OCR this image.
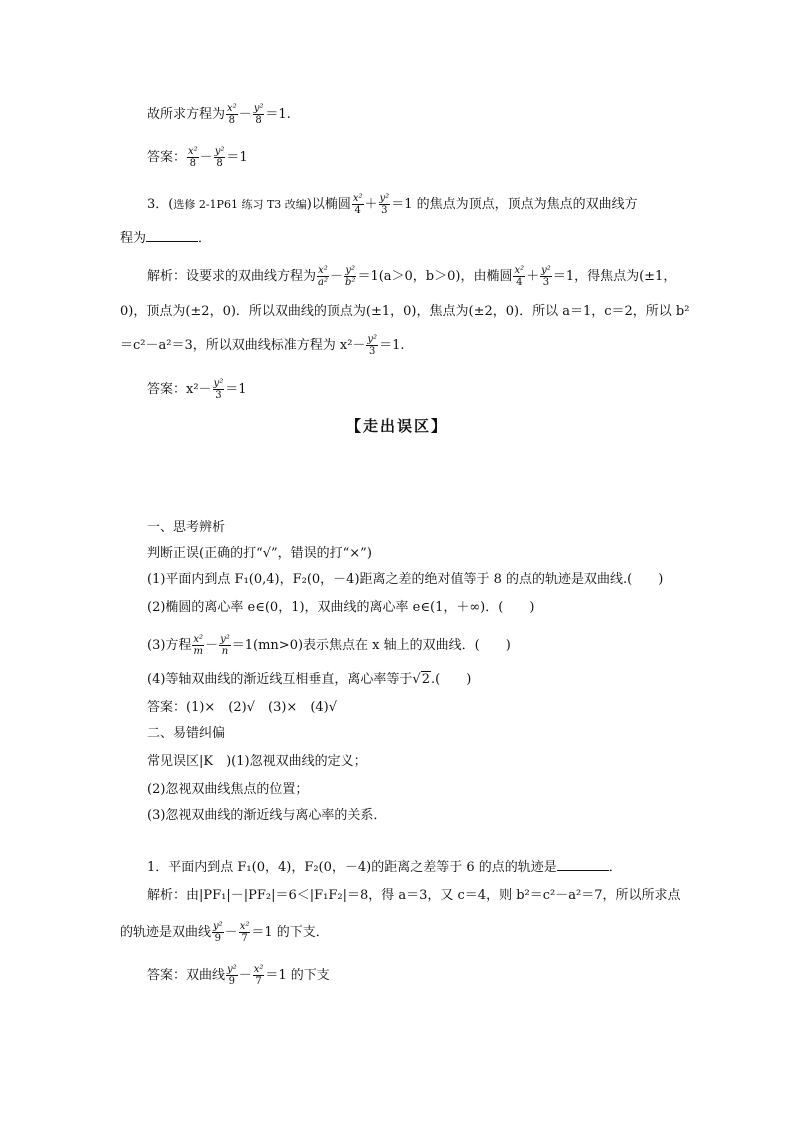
故所求方程为 $\frac{\text{x²}}{8} - \frac{\text{y²}}{8} =1$.
答案： $\frac{\text{x²}}{8} - \frac{\text{y²}}{8} =1$
3．(选修 2-1P61 练习 T3 改编)以椭圆 $\frac{\text{x²}}{4} + \frac{\text{y²}}{3} =1$ 的焦点为顶点，顶点为焦点的双曲线方
程为	．
解析：设要求的双曲线方程为 $\frac{\text{x²}}{\text{a²}} - \frac{\text{y²}}{\text{b²}} =1(a>0$，b＞0)，由椭圆 $\frac{\text{x²}}{4} + \frac{\text{y²}}{3} =1$，得焦点为(±1，
0)，顶点为(±2，0)．所以双曲线的顶点为(±1，0)，焦点为(±2，0)．所以 a＝1，c＝2，所以 b²
＝c²－a²＝3，所以双曲线标准方程为 $x^2- \frac{\text{y²}}{3} =1$.
答案：$x^2- \frac{\text{y²}}{3} =1$
【走出误区】
一、思考辨析
判断正误(正确的打“√”，错误的打“×”)
(1)平面内到点 F₁(0,4)，F₂(0，－4)距离之差的绝对值等于 8 的点的轨迹是双曲线.(　　)
(2)椭圆的离心率 e∈(0，1)，双曲线的离心率 e∈(1，＋∞)．(　　)
(3)方程 $\frac{\text{x²}}{m} - \frac{\text{y²}}{n} =1(mn>0)$表示焦点在 x 轴上的双曲线．(　　)
(4)等轴双曲线的渐近线互相垂直，离心率等于√2.(　　)
答案：(1)×　(2)√　(3)×　(4)√
二、易错纠偏
常见误区|K　)(1)忽视双曲线的定义；
(2)忽视双曲线焦点的位置；
(3)忽视双曲线的渐近线与离心率的关系．
1．平面内到点 F₁(0，4)，F₂(0，－4)的距离之差等于 6 的点的轨迹是	．
解析：由|PF₁|－|PF₂|＝6＜|F₁F₂|＝8，得 a＝3，又 c＝4，则 b²＝c²－a²＝7，所以所求点
的轨迹是双曲线 $\frac{\text{y²}}{9} - \frac{\text{x²}}{7} =1$ 的下支．
答案：双曲线 $\frac{\text{y²}}{9} - \frac{\text{x²}}{7} =1$ 的下支
